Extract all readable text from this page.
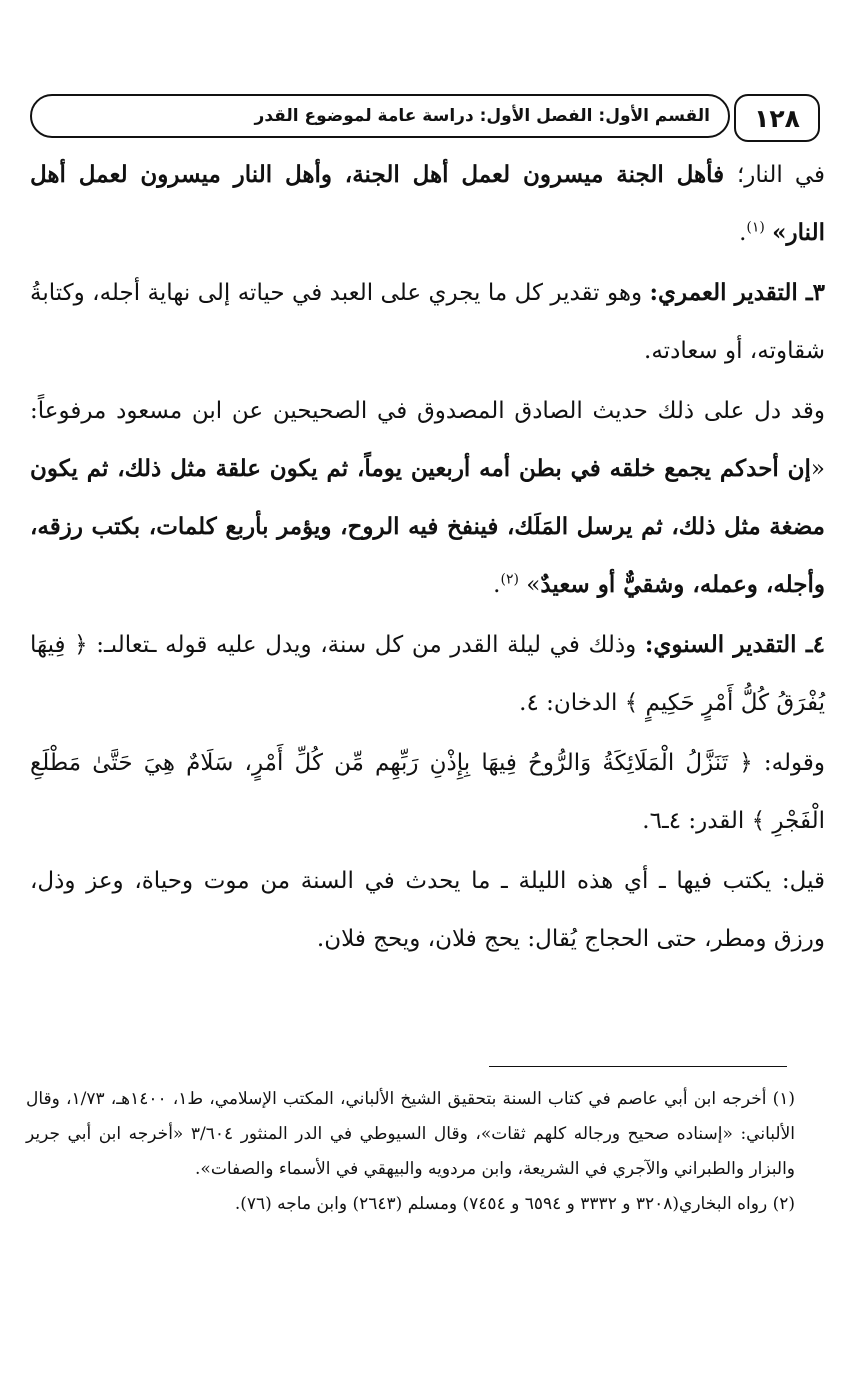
١٢٨
القسم الأول: الفصل الأول: دراسة عامة لموضوع القدر

في النار؛ فأهل الجنة ميسرون لعمل أهل الجنة، وأهل النار ميسرون لعمل أهل النار» $^{(١)}$.

٣ـ التقدير العمري: وهو تقدير كل ما يجري على العبد في حياته إلى نهاية أجله، وكتابةُ شقاوته، أو سعادته.

وقد دل على ذلك حديث الصادق المصدوق في الصحيحين عن ابن مسعود مرفوعاً: «إن أحدكم يجمع خلقه في بطن أمه أربعين يوماً، ثم يكون علقة مثل ذلك، ثم يكون مضغة مثل ذلك، ثم يرسل المَلَك، فينفخ فيه الروح، ويؤمر بأربع كلمات، بكتب رزقه، وأجله، وعمله، وشقيٌّ أو سعيدٌ» $^{(٢)}$.

٤ـ التقدير السنوي: وذلك في ليلة القدر من كل سنة، ويدل عليه قوله ـتعالىـ: ﴿ فِيهَا يُفْرَقُ كُلُّ أَمْرٍ حَكِيمٍ ﴾ الدخان: ٤.

وقوله: ﴿ تَنَزَّلُ الْمَلَائِكَةُ وَالرُّوحُ فِيهَا بِإِذْنِ رَبِّهِم مِّن كُلِّ أَمْرٍ، سَلَامٌ هِيَ حَتَّىٰ مَطْلَعِ الْفَجْرِ ﴾ القدر: ٤ـ٦.

قيل: يكتب فيها ـ أي هذه الليلة ـ ما يحدث في السنة من موت وحياة، وعز وذل، ورزق ومطر، حتى الحجاج يُقال: يحج فلان، ويحج فلان.

(١) أخرجه ابن أبي عاصم في كتاب السنة بتحقيق الشيخ الألباني، المكتب الإسلامي، ط١، ١٤٠٠هـ، ١/٧٣، وقال الألباني: «إسناده صحيح ورجاله كلهم ثقات»، وقال السيوطي في الدر المنثور ٣/٦٠٤ «أخرجه ابن أبي جرير والبزار والطبراني والآجري في الشريعة، وابن مردويه والبيهقي في الأسماء والصفات».

(٢) رواه البخاري(٣٢٠٨ و ٣٣٣٢ و ٦٥٩٤ و ٧٤٥٤) ومسلم (٢٦٤٣) وابن ماجه (٧٦).
